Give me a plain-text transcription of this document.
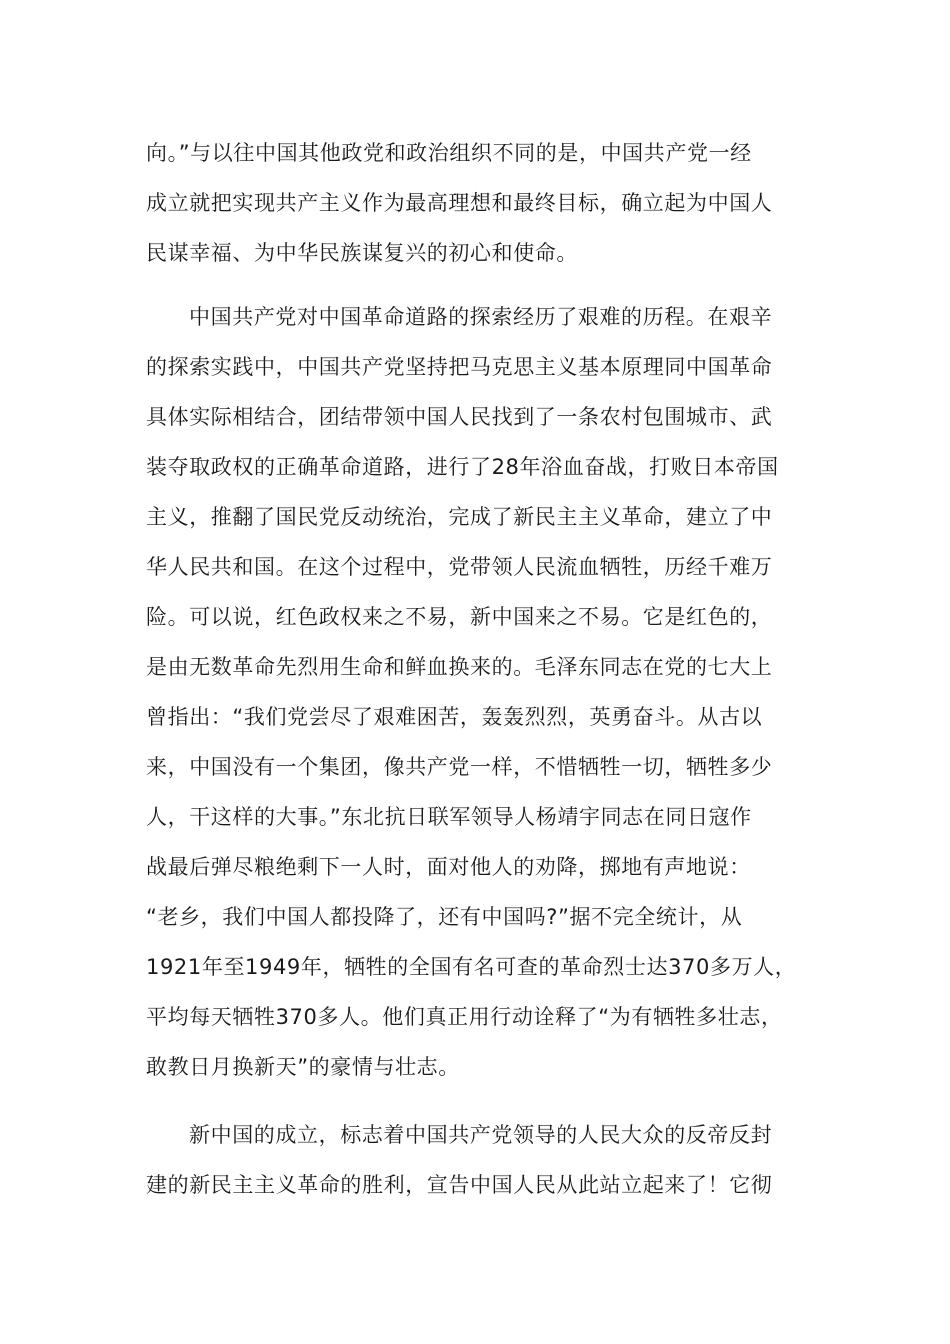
向。”与以往中国其他政党和政治组织不同的是，中国共产党一经
成立就把实现共产主义作为最高理想和最终目标，确立起为中国人
民谋幸福、为中华民族谋复兴的初心和使命。
中国共产党对中国革命道路的探索经历了艰难的历程。在艰辛
的探索实践中，中国共产党坚持把马克思主义基本原理同中国革命
具体实际相结合，团结带领中国人民找到了一条农村包围城市、武
装夺取政权的正确革命道路，进行了28年浴血奋战，打败日本帝国
主义，推翻了国民党反动统治，完成了新民主主义革命，建立了中
华人民共和国。在这个过程中，党带领人民流血牺牲，历经千难万
险。可以说，红色政权来之不易，新中国来之不易。它是红色的，
是由无数革命先烈用生命和鲜血换来的。毛泽东同志在党的七大上
曾指出：“我们党尝尽了艰难困苦，轰轰烈烈，英勇奋斗。从古以
来，中国没有一个集团，像共产党一样，不惜牺牲一切，牺牲多少
人，干这样的大事。”东北抗日联军领导人杨靖宇同志在同日寇作
战最后弹尽粮绝剩下一人时，面对他人的劝降，掷地有声地说：
“老乡，我们中国人都投降了，还有中国吗?”据不完全统计，从
1921年至1949年，牺牲的全国有名可查的革命烈士达370多万人，
平均每天牺牲370多人。他们真正用行动诠释了“为有牺牲多壮志，
敢教日月换新天”的豪情与壮志。
新中国的成立，标志着中国共产党领导的人民大众的反帝反封
建的新民主主义革命的胜利，宣告中国人民从此站立起来了！它彻
